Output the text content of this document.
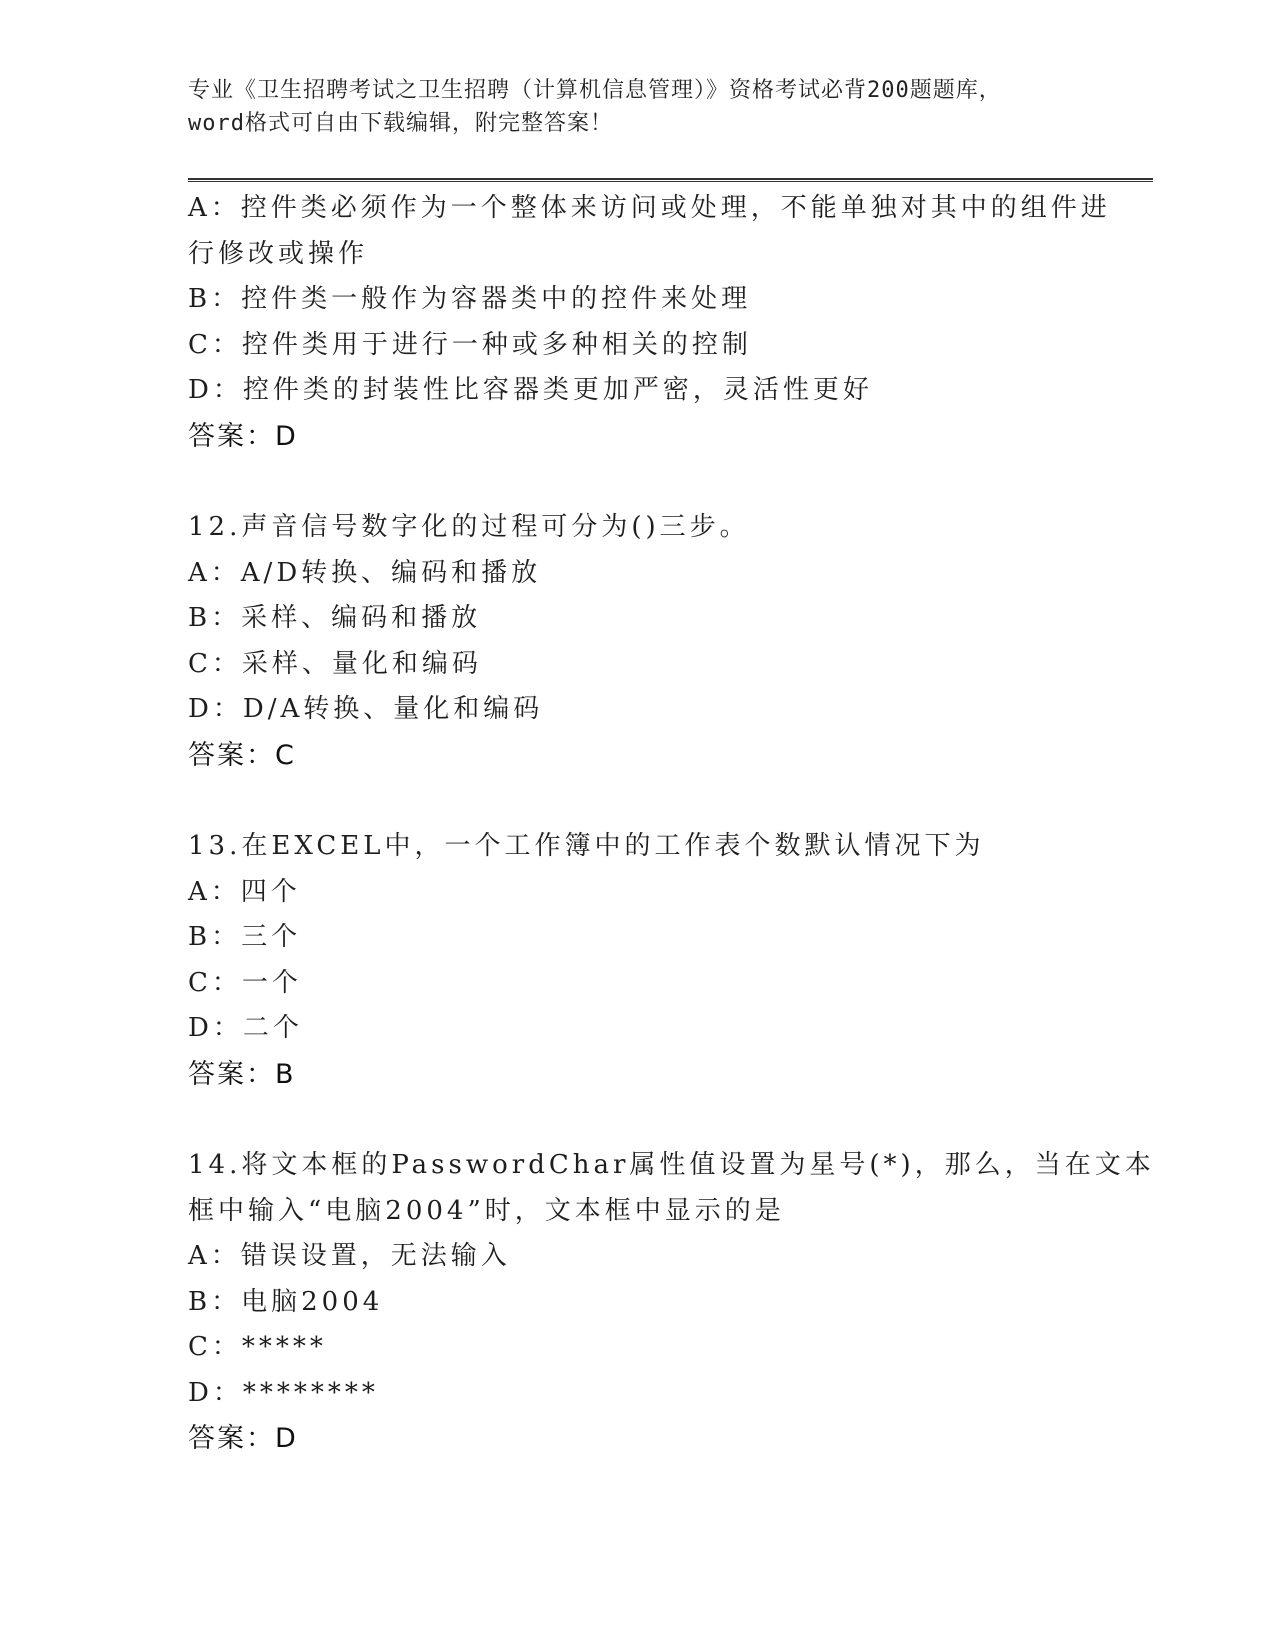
专业《卫生招聘考试之卫生招聘（计算机信息管理）》资格考试必背200题题库，
word格式可自由下载编辑，附完整答案！
A：控件类必须作为一个整体来访问或处理，不能单独对其中的组件进
行修改或操作
B：控件类一般作为容器类中的控件来处理
C：控件类用于进行一种或多种相关的控制
D：控件类的封装性比容器类更加严密，灵活性更好
答案：D
12.声音信号数字化的过程可分为()三步。
A：A/D转换、编码和播放
B：采样、编码和播放
C：采样、量化和编码
D：D/A转换、量化和编码
答案：C
13.在EXCEL中，一个工作簿中的工作表个数默认情况下为
A：四个
B：三个
C：一个
D：二个
答案：B
14.将文本框的PasswordChar属性值设置为星号(*)，那么，当在文本
框中输入“电脑2004”时，文本框中显示的是
A：错误设置，无法输入
B：电脑2004
C：*****
D：********
答案：D
